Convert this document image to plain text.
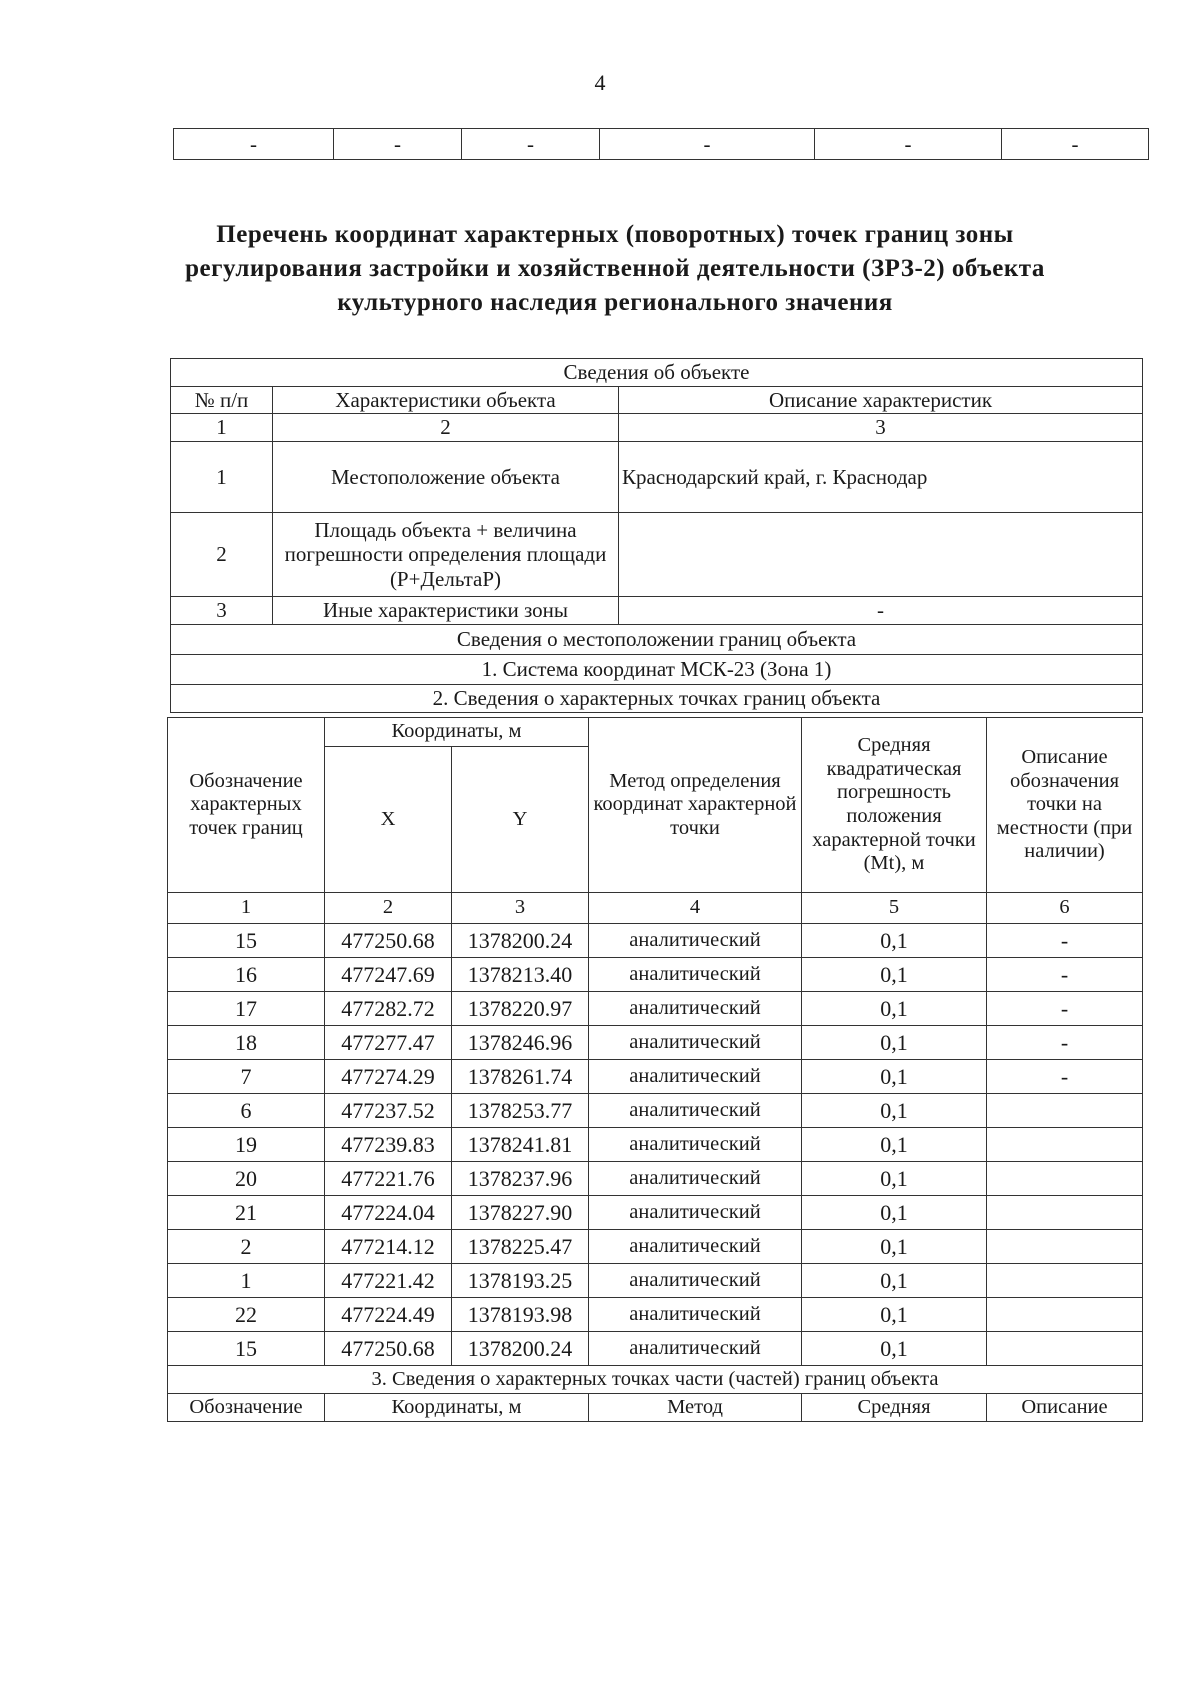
4
-	-	-	-	-	-
Перечень координат характерных (поворотных) точек границ зоны регулирования застройки и хозяйственной деятельности (ЗРЗ-2) объекта культурного наследия регионального значения
Сведения об объекте		
№ п/п	Характеристики объекта	Описание характеристик
1	2	3
1	Местоположение объекта	Краснодарский край, г. Краснодар
2	Площадь объекта + величина погрешности определения площади (P+ДельтаP)	
3	Иные характеристики зоны	-
Сведения о местоположении границ объекта		
1. Система координат МСК-23 (Зона 1)		
2. Сведения о характерных точках границ объекта		
Обозначение характерных точек границ	Координаты, м		Метод определения координат характерной точки	Средняя квадратическая погрешность положения характерной точки (Mt), м	Описание обозначения точки на местности (при наличии)
	X	Y			
1	2	3	4	5	6
15	477250.68	1378200.24	аналитический	0,1	-
16	477247.69	1378213.40	аналитический	0,1	-
17	477282.72	1378220.97	аналитический	0,1	-
18	477277.47	1378246.96	аналитический	0,1	-
7	477274.29	1378261.74	аналитический	0,1	-
6	477237.52	1378253.77	аналитический	0,1	
19	477239.83	1378241.81	аналитический	0,1	
20	477221.76	1378237.96	аналитический	0,1	
21	477224.04	1378227.90	аналитический	0,1	
2	477214.12	1378225.47	аналитический	0,1	
1	477221.42	1378193.25	аналитический	0,1	
22	477224.49	1378193.98	аналитический	0,1	
15	477250.68	1378200.24	аналитический	0,1	
3. Сведения о характерных точках части (частей) границ объекта					
Обозначение	Координаты, м		Метод	Средняя	Описание
